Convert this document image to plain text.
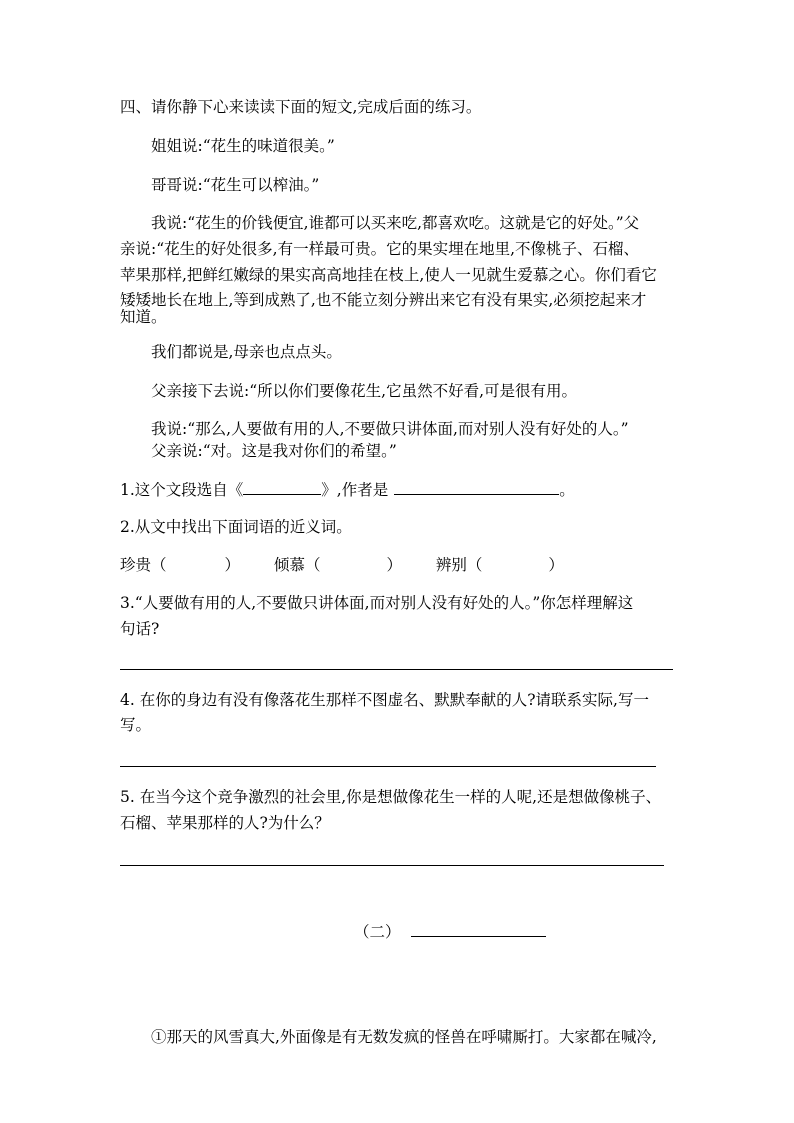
四、请你静下心来读读下面的短文,完成后面的练习。
姐姐说:“花生的味道很美。”
哥哥说:“花生可以榨油。”
我说:“花生的价钱便宜,谁都可以买来吃,都喜欢吃。这就是它的好处。”父
亲说:“花生的好处很多,有一样最可贵。它的果实埋在地里,不像桃子、石榴、
苹果那样,把鲜红嫩绿的果实高高地挂在枝上,使人一见就生爱慕之心。你们看它
矮矮地长在地上,等到成熟了,也不能立刻分辨出来它有没有果实,必须挖起来才
知道。
我们都说是,母亲也点点头。
父亲接下去说:“所以你们要像花生,它虽然不好看,可是很有用。
我说:“那么,人要做有用的人,不要做只讲体面,而对别人没有好处的人。”
父亲说:“对。这是我对你们的希望。”
1.这个文段选自《	》,作者是	。
2.从文中找出下面词语的近义词。
珍贵（	） 倾慕（	） 辨别（	）
3.“人要做有用的人,不要做只讲体面,而对别人没有好处的人。”你怎样理解这
句话?
4. 在你的身边有没有像落花生那样不图虚名、默默奉献的人?请联系实际,写一
写。
5. 在当今这个竞争激烈的社会里,你是想做像花生一样的人呢,还是想做像桃子、
石榴、苹果那样的人?为什么？
（二）
①那天的风雪真大,外面像是有无数发疯的怪兽在呼啸厮打。大家都在喊冷,
